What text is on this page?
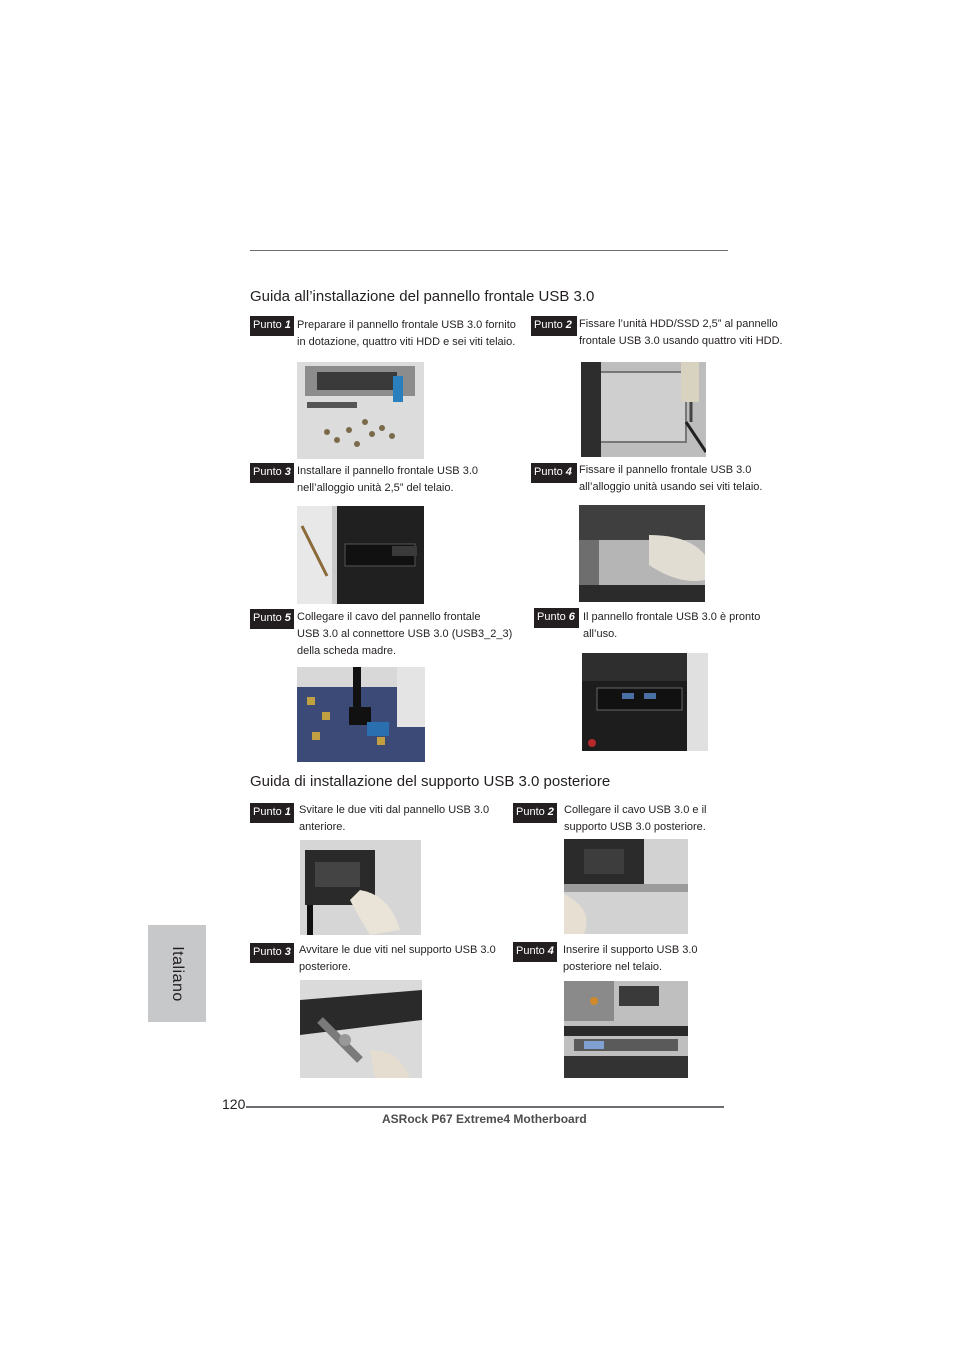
Guida all’installazione del pannello frontale USB 3.0
Punto 1 Preparare il pannello frontale USB 3.0 fornito
in dotazione, quattro viti HDD e sei viti telaio.
Punto 2 Fissare l’unità HDD/SSD 2,5” al pannello
frontale USB 3.0 usando quattro viti HDD.
Punto 3 Installare il pannello frontale USB 3.0
nell’alloggio unità 2,5” del telaio.
Punto 4 Fissare il pannello frontale USB 3.0
all’alloggio unità usando sei viti telaio.
Punto 5 Collegare il cavo del pannello frontale
USB 3.0 al connettore USB 3.0 (USB3_2_3)
della scheda madre.
Punto 6 Il pannello frontale USB 3.0 è pronto
all’uso.
Guida di installazione del supporto USB 3.0 posteriore
Punto 1 Svitare le due viti dal pannello USB 3.0
anteriore.
Punto 2 Collegare il cavo USB 3.0 e il
supporto USB 3.0 posteriore.
Punto 3 Avvitare le due viti nel supporto USB 3.0
posteriore.
Punto 4 Inserire il supporto USB 3.0
posteriore nel telaio.
Italiano
120
ASRock P67 Extreme4 Motherboard
